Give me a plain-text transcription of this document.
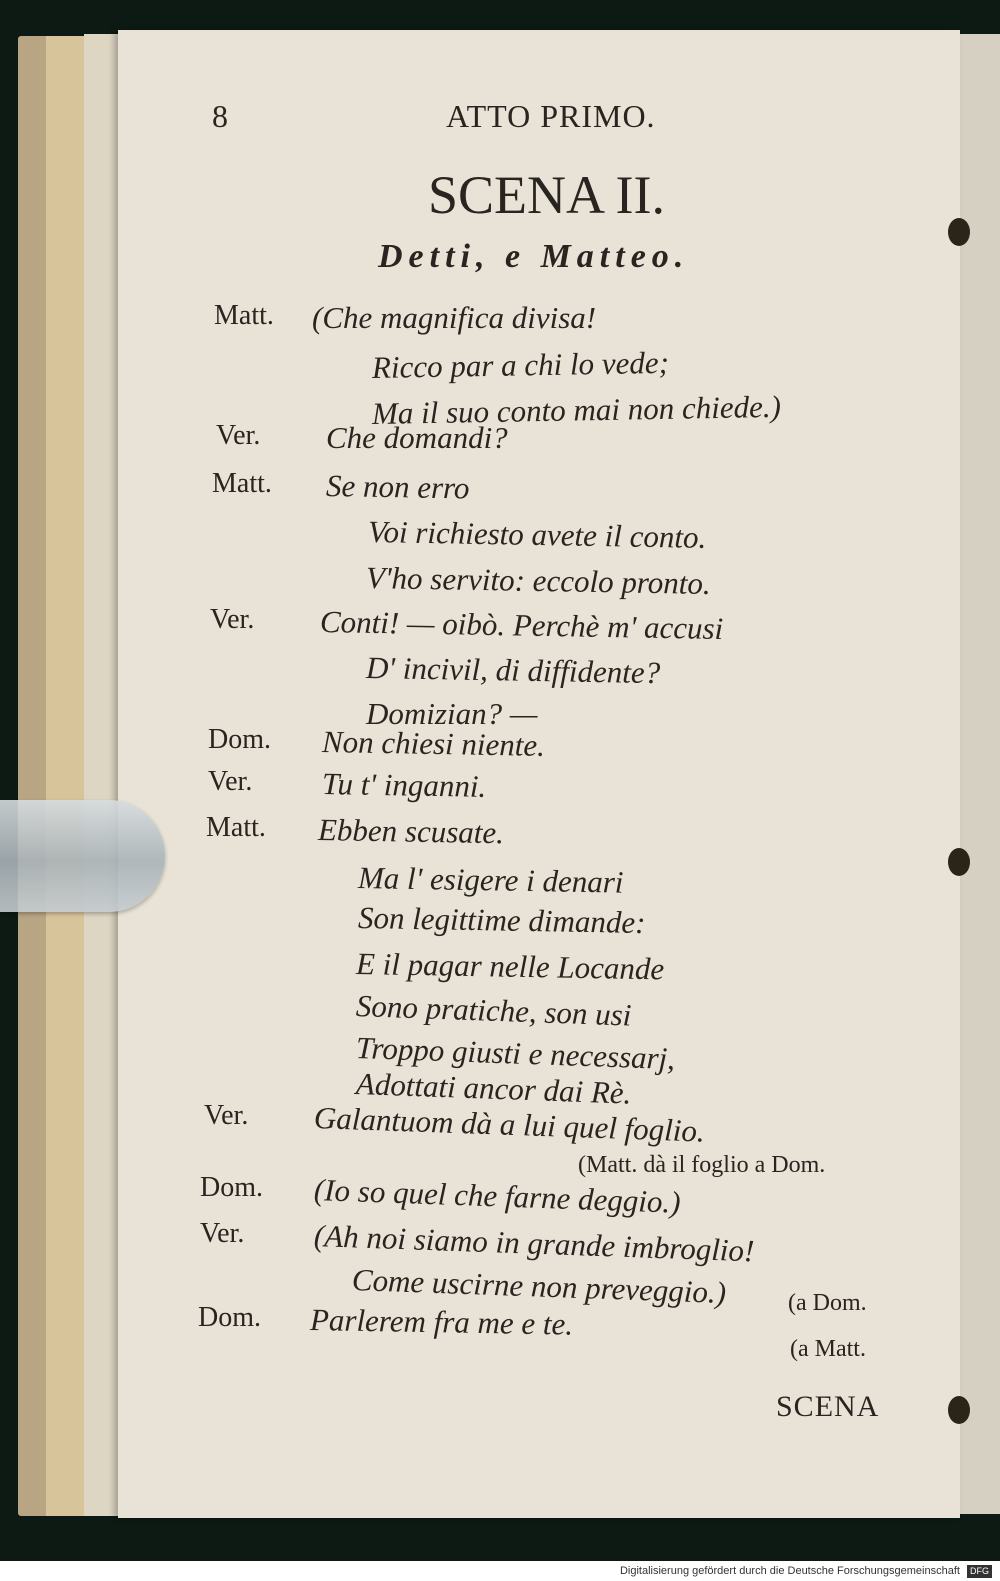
8	ATTO PRIMO.
SCENA II.
Detti, e Matteo.
Matt. (Che magnifica divisa!
Ricco par a chi lo vede;
Ma il suo conto mai non chiede.)
Ver. Che domandi?
Matt. Se non erro
Voi richiesto avete il conto.
V'ho servito: eccolo pronto.
Ver. Conti! — oibò. Perchè m' accusi
D' incivil, di diffidente?
Domizian? —
Dom. Non chiesi niente.
Ver. Tu t' inganni.
Matt. Ebben scusate.
Ma l' esigere i denari
Son legittime dimande:
E il pagar nelle Locande
Sono pratiche, son usi
Troppo giusti e necessarj,
Adottati ancor dai Rè.
Ver. Galantuom dà a lui quel foglio.
Dom. (Io so quel che farne deggio.)
Ver. (Ah noi siamo in grande imbroglio!
Come uscirne non preveggio.)
Dom. Parlerem fra me e te.
(Matt. dà il foglio a Dom.
(a Dom.
(a Matt.
SCENA
Digitalisierung gefördert durch die Deutsche Forschungsgemeinschaft DFG
